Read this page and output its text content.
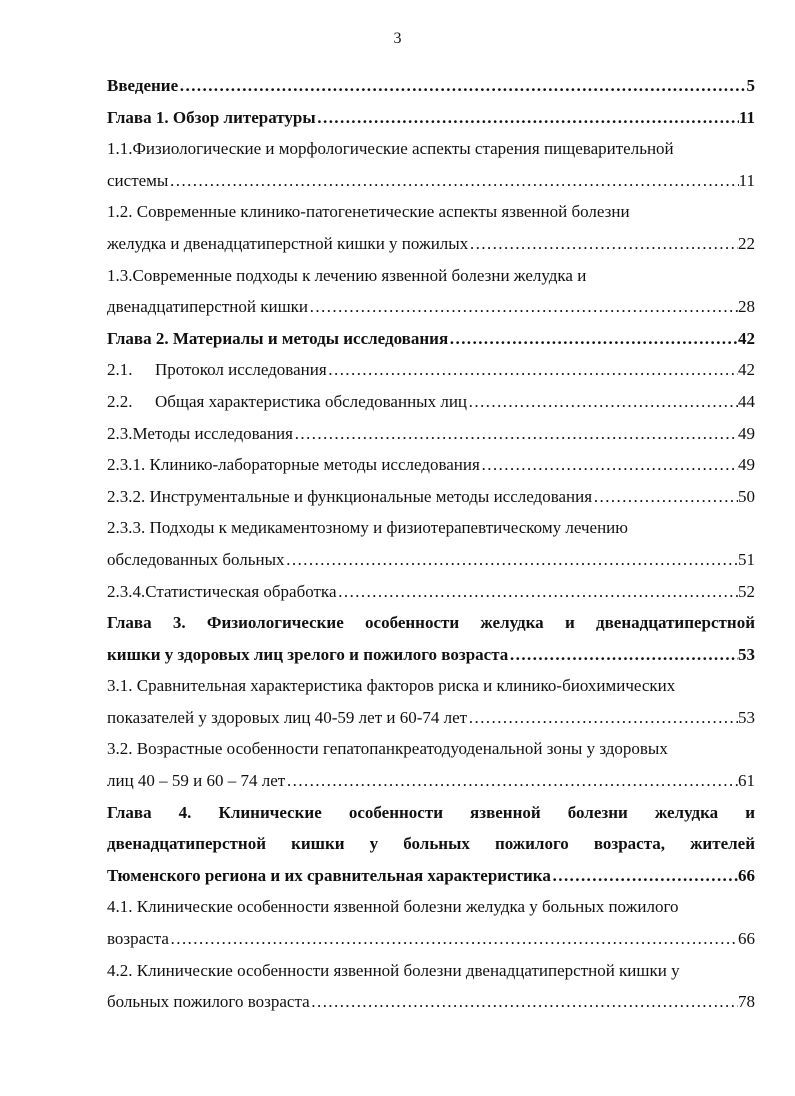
3
Введение ……………………………………………………………………………………………………………………………………………………………………………………………………	5
Глава 1. Обзор литературы ……………………………………………………………………………………………………………………………………………………………………………………………………	11
1.1.Физиологические и морфологические аспекты старения пищеварительной
системы ……………………………………………………………………………………………………………………………………………………………………………………………………	11
1.2. Современные клинико-патогенетические аспекты язвенной болезни
желудка и двенадцатиперстной кишки у пожилых ……………………………………………………………………………………………………………………………………………………………………………………………………	22
1.3.Современные подходы к лечению язвенной болезни желудка и
двенадцатиперстной кишки ……………………………………………………………………………………………………………………………………………………………………………………………………	28
Глава 2. Материалы и методы исследования ……………………………………………………………………………………………………………………………………………………………………………………………………	42
2.1. Протокол исследования ……………………………………………………………………………………………………………………………………………………………………………………………………	42
2.2. Общая характеристика обследованных лиц ……………………………………………………………………………………………………………………………………………………………………………………………………	44
2.3.Методы исследования ……………………………………………………………………………………………………………………………………………………………………………………………………	49
2.3.1. Клинико-лабораторные методы исследования ……………………………………………………………………………………………………………………………………………………………………………………………………	49
2.3.2. Инструментальные и функциональные методы исследования ……………………………………………………………………………………………………………………………………………………………………………………………………	50
2.3.3. Подходы к медикаментозному и физиотерапевтическому лечению
обследованных больных ……………………………………………………………………………………………………………………………………………………………………………………………………	51
2.3.4.Статистическая обработка ……………………………………………………………………………………………………………………………………………………………………………………………………	52
Глава 3. Физиологические особенности желудка и двенадцатиперстной
кишки у здоровых лиц зрелого и пожилого возраста ……………………………………………………………………………………………………………………………………………………………………………………………………	53
3.1. Сравнительная характеристика факторов риска и клинико-биохимических
показателей у здоровых лиц 40-59 лет и 60-74 лет ……………………………………………………………………………………………………………………………………………………………………………………………………	53
3.2. Возрастные особенности гепатопанкреатодуоденальной зоны у здоровых
лиц 40 – 59 и 60 – 74 лет ……………………………………………………………………………………………………………………………………………………………………………………………………	61
Глава 4. Клинические особенности язвенной болезни желудка и
двенадцатиперстной кишки у больных пожилого возраста, жителей
Тюменского региона и их сравнительная характеристика ……………………………………………………………………………………………………………………………………………………………………………………………………	66
4.1. Клинические особенности язвенной болезни желудка у больных пожилого
возраста ……………………………………………………………………………………………………………………………………………………………………………………………………	66
4.2. Клинические особенности язвенной болезни двенадцатиперстной кишки у
больных пожилого возраста ……………………………………………………………………………………………………………………………………………………………………………………………………	78
